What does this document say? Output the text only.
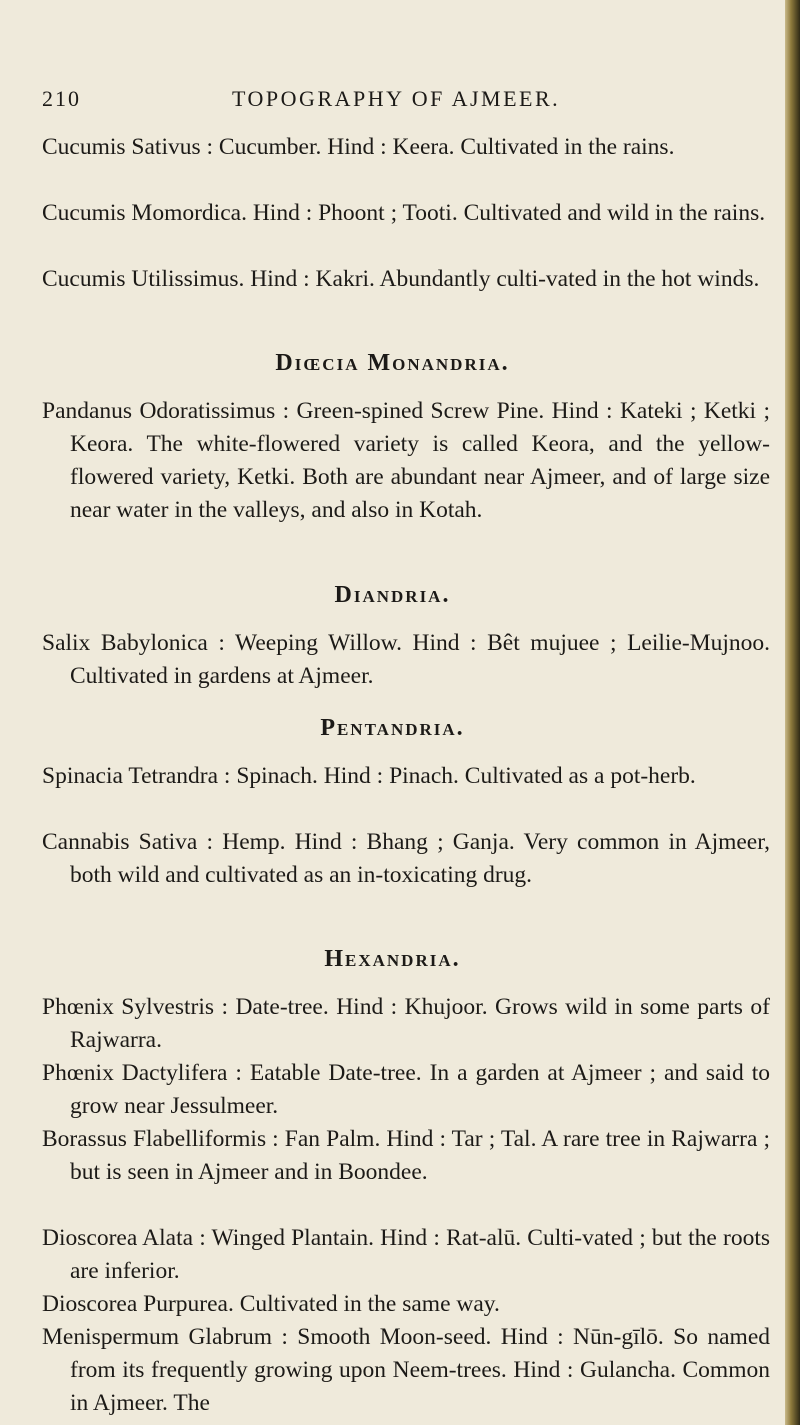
210	TOPOGRAPHY OF AJMEER.

Cucumis Sativus : Cucumber. Hind : Keera. Cultivated in the rains.

Cucumis Momordica. Hind : Phoont ; Tooti. Cultivated and wild in the rains.

Cucumis Utilissimus. Hind : Kakri. Abundantly culti-vated in the hot winds.

Diœcia Monandria.

Pandanus Odoratissimus : Green-spined Screw Pine. Hind : Kateki ; Ketki ; Keora. The white-flowered variety is called Keora, and the yellow-flowered variety, Ketki. Both are abundant near Ajmeer, and of large size near water in the valleys, and also in Kotah.

Diandria.

Salix Babylonica : Weeping Willow. Hind : Bêt mujuee ; Leilie-Mujnoo. Cultivated in gardens at Ajmeer.

Pentandria.

Spinacia Tetrandra : Spinach. Hind : Pinach. Cultivated as a pot-herb.

Cannabis Sativa : Hemp. Hind : Bhang ; Ganja. Very common in Ajmeer, both wild and cultivated as an in-toxicating drug.

Hexandria.

Phœnix Sylvestris : Date-tree. Hind : Khujoor. Grows wild in some parts of Rajwarra.

Phœnix Dactylifera : Eatable Date-tree. In a garden at Ajmeer ; and said to grow near Jessulmeer.

Borassus Flabelliformis : Fan Palm. Hind : Tar ; Tal. A rare tree in Rajwarra ; but is seen in Ajmeer and in Boondee.

Dioscorea Alata : Winged Plantain. Hind : Rat-alū. Culti-vated ; but the roots are inferior.

Dioscorea Purpurea. Cultivated in the same way.

Menispermum Glabrum : Smooth Moon-seed. Hind : Nūn-gīlō. So named from its frequently growing upon Neem-trees. Hind : Gulancha. Common in Ajmeer. The
